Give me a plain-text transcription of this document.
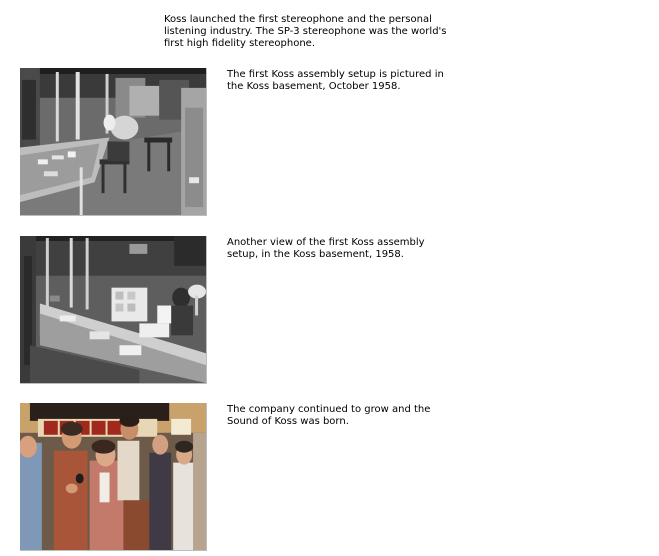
Koss launched the first stereophone and the personal
listening industry. The SP-3 stereophone was the world's
first high fidelity stereophone.

The first Koss assembly setup is pictured in
the Koss basement, October 1958.

Another view of the first Koss assembly
setup, in the Koss basement, 1958.

The company continued to grow and the
Sound of Koss was born.
